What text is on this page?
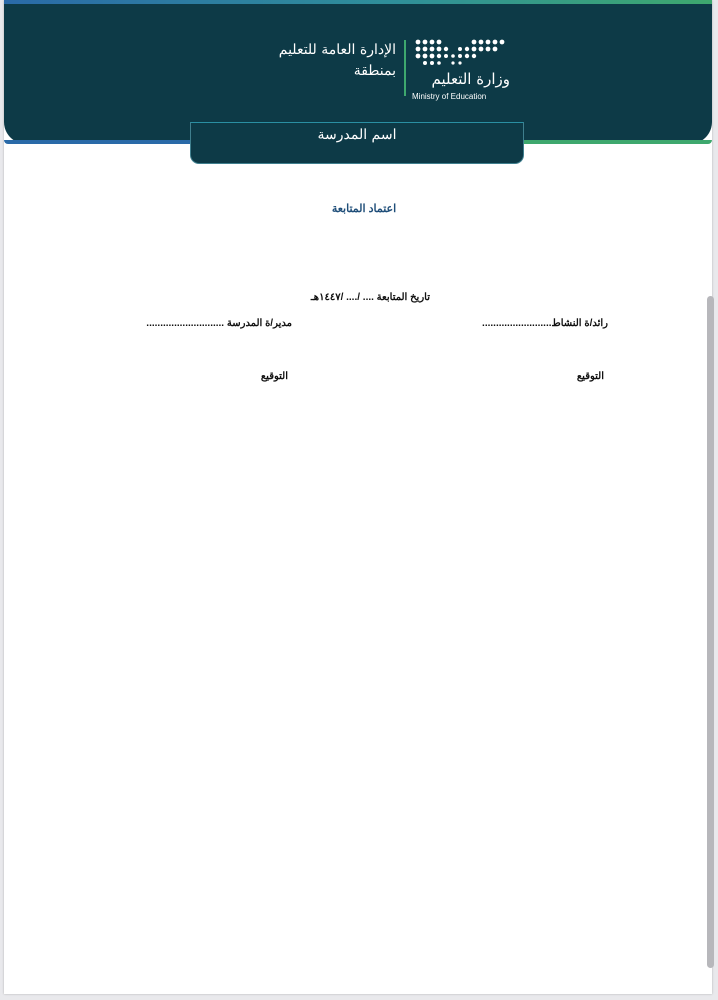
وزارة التعليم
Ministry of Education
الإدارة العامة للتعليم بمنطقة
اسم المدرسة
اعتماد المتابعة
تاريخ المتابعة .... /.... /١٤٤٧هـ
رائد/ة النشاط.........................
مدير/ة المدرسة ............................
التوقيع
التوقيع
